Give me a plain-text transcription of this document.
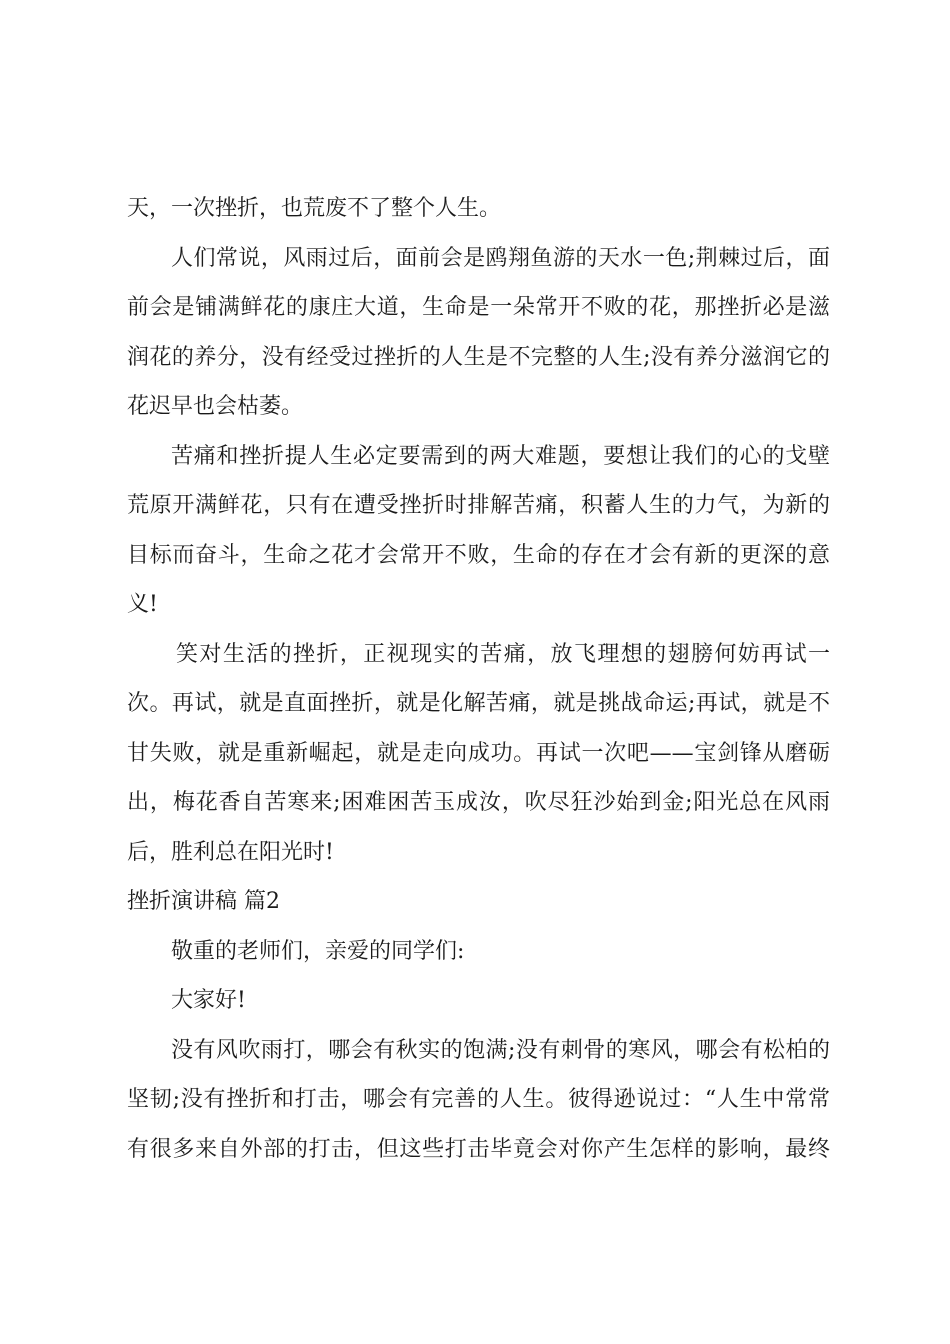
天，一次挫折，也荒废不了整个人生。
人们常说，风雨过后，面前会是鸥翔鱼游的天水一色;荆棘过后，面
前会是铺满鲜花的康庄大道，生命是一朵常开不败的花，那挫折必是滋
润花的养分，没有经受过挫折的人生是不完整的人生;没有养分滋润它的
花迟早也会枯萎。
苦痛和挫折提人生必定要需到的两大难题，要想让我们的心的戈壁
荒原开满鲜花，只有在遭受挫折时排解苦痛，积蓄人生的力气，为新的
目标而奋斗，生命之花才会常开不败，生命的存在才会有新的更深的意
义!
笑对生活的挫折，正视现实的苦痛，放飞理想的翅膀何妨再试一
次。再试，就是直面挫折，就是化解苦痛，就是挑战命运;再试，就是不
甘失败，就是重新崛起，就是走向成功。再试一次吧——宝剑锋从磨砺
出，梅花香自苦寒来;困难困苦玉成汝，吹尽狂沙始到金;阳光总在风雨
后，胜利总在阳光时!
挫折演讲稿 篇2
敬重的老师们，亲爱的同学们:
大家好!
没有风吹雨打，哪会有秋实的饱满;没有刺骨的寒风，哪会有松柏的
坚韧;没有挫折和打击，哪会有完善的人生。彼得逊说过：“人生中常常
有很多来自外部的打击，但这些打击毕竟会对你产生怎样的影响，最终
